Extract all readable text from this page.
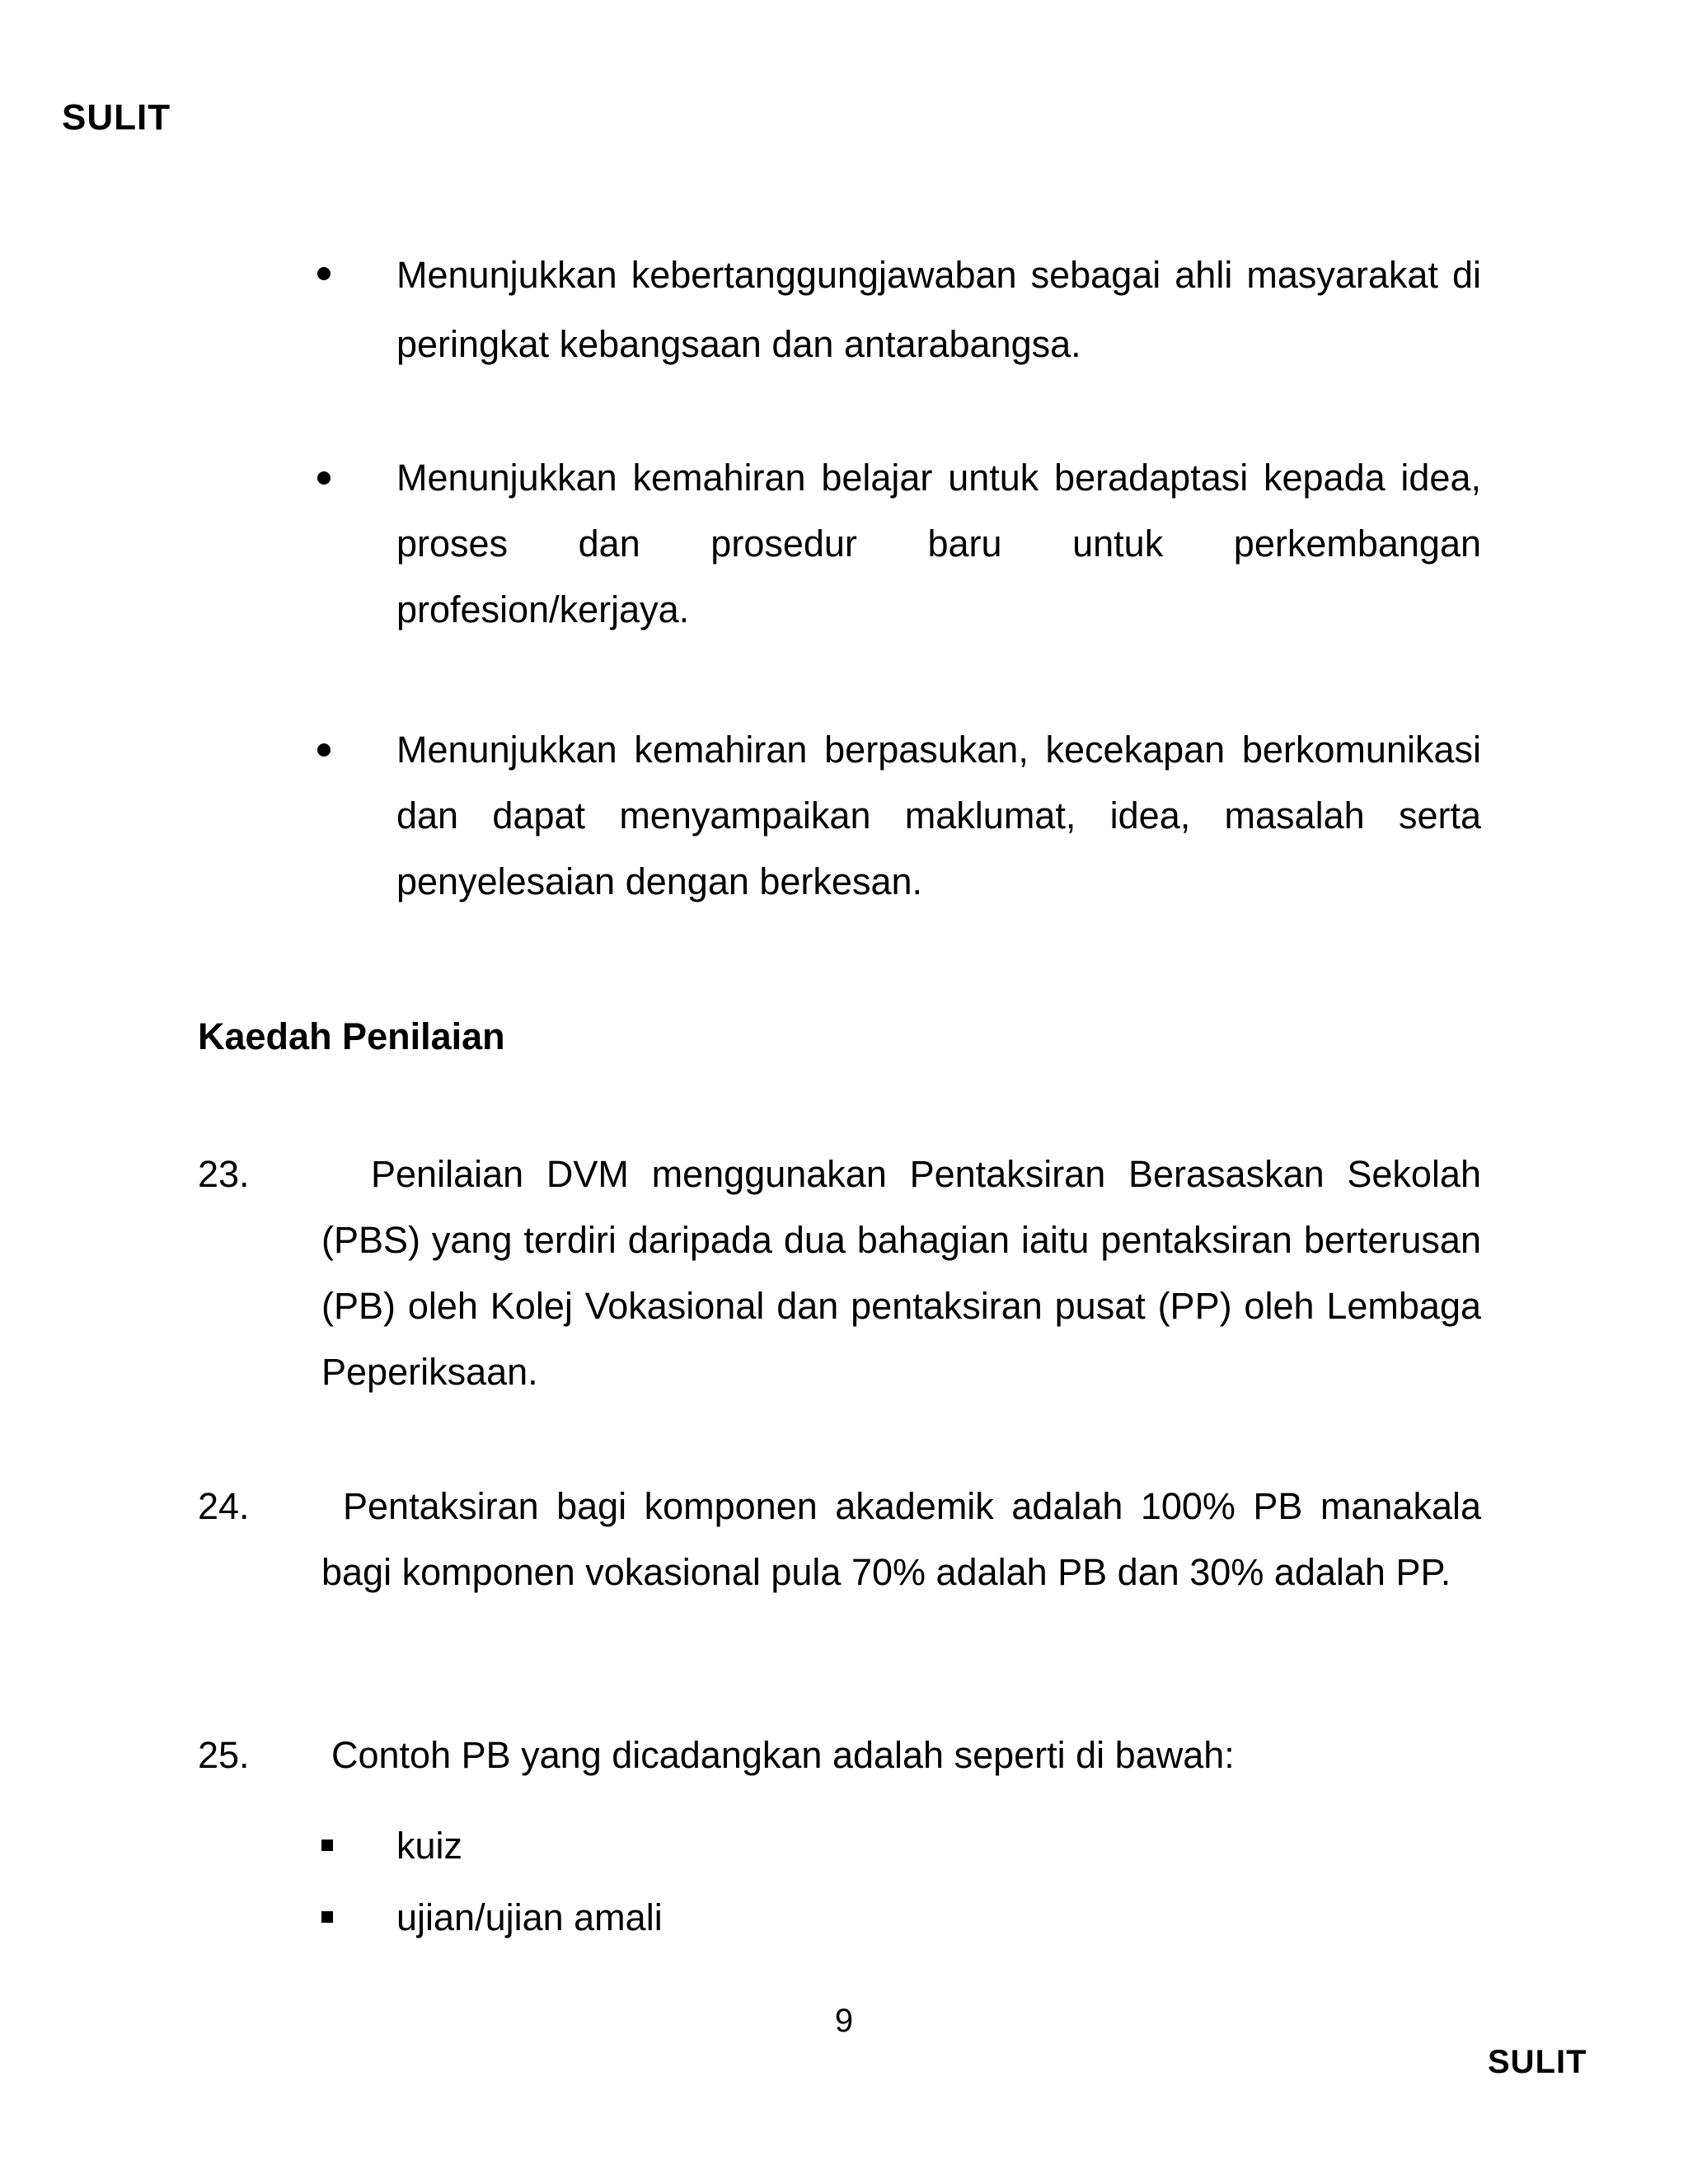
SULIT
Menunjukkan kebertanggungjawaban sebagai ahli masyarakat di peringkat kebangsaan dan antarabangsa.
Menunjukkan kemahiran belajar untuk beradaptasi kepada idea, proses dan prosedur baru untuk perkembangan profesion/kerjaya.
Menunjukkan kemahiran berpasukan, kecekapan berkomunikasi dan dapat menyampaikan maklumat, idea, masalah serta penyelesaian dengan berkesan.
Kaedah Penilaian
23.	Penilaian DVM menggunakan Pentaksiran Berasaskan Sekolah (PBS) yang terdiri daripada dua bahagian iaitu pentaksiran berterusan (PB) oleh Kolej Vokasional dan pentaksiran pusat (PP) oleh Lembaga Peperiksaan.
24.	Pentaksiran bagi komponen akademik adalah 100% PB manakala bagi komponen vokasional pula 70% adalah PB dan 30% adalah PP.
25. Contoh PB yang dicadangkan adalah seperti di bawah:
kuiz
ujian/ujian amali
9
SULIT
